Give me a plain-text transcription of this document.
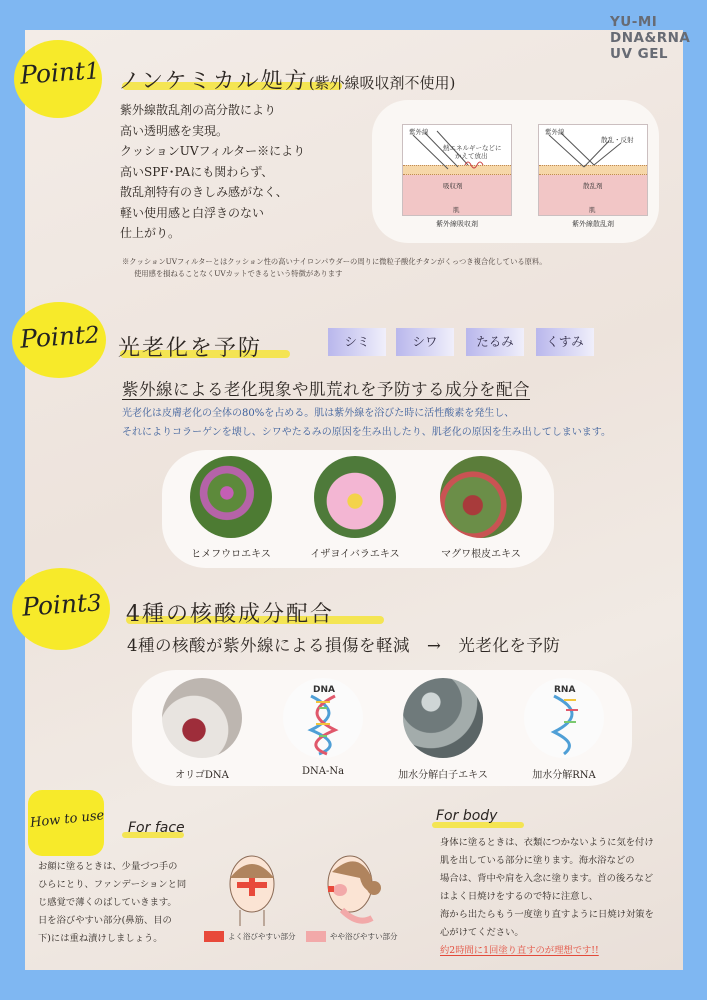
YU-MI
DNA&RNA
UV GEL
Point1 ノンケミカル処方(紫外線吸収剤不使用)
紫外線散乱剤の高分散により
高い透明感を実現。
クッションUVフィルター※により
高いSPF･PAにも関わらず、
散乱剤特有のきしみ感がなく、
軽い使用感と白浮きのない
仕上がり。
紫外線
熱エネルギーなどに
かえて放出
吸収剤
肌
紫外線吸収剤
紫外線
散乱・反射
散乱剤
肌
紫外線散乱剤
※クッションUVフィルターとはクッション性の高いナイロンパウダーの周りに微粒子酸化チタンがくっつき複合化している原料。
使用感を損ねることなくUVカットできるという特徴があります
Point2 光老化を予防	シミ	シワ	たるみ	くすみ
紫外線による老化現象や肌荒れを予防する成分を配合
光老化は皮膚老化の全体の80%を占める。肌は紫外線を浴びた時に活性酸素を発生し、
それによりコラーゲンを壊し、シワやたるみの原因を生み出したり、肌老化の原因を生み出してしまいます。
ヒメフウロエキス	イザヨイバラエキス	マグワ根皮エキス
Point3 4種の核酸成分配合
4種の核酸が紫外線による損傷を軽減　→　光老化を予防
DNA	RNA
オリゴDNA	DNA-Na	加水分解白子エキス	加水分解RNA
How to use For face
お顔に塗るときは、少量づつ手の
ひらにとり、ファンデーションと同
じ感覚で薄くのばしていきます。
日を浴びやすい部分(鼻筋、目の
下)には重ね漬けしましょう。	よく浴びやすい部分	やや浴びやすい部分
For body
身体に塗るときは、衣類につかないように気を付け
肌を出している部分に塗ります。海水浴などの
場合は、背中や肩を入念に塗ります。首の後ろなど
はよく日焼けをするので特に注意し、
海から出たらもう一度塗り直すように日焼け対策を
心がけてください。
約2時間に1回塗り直すのが理想です!!
